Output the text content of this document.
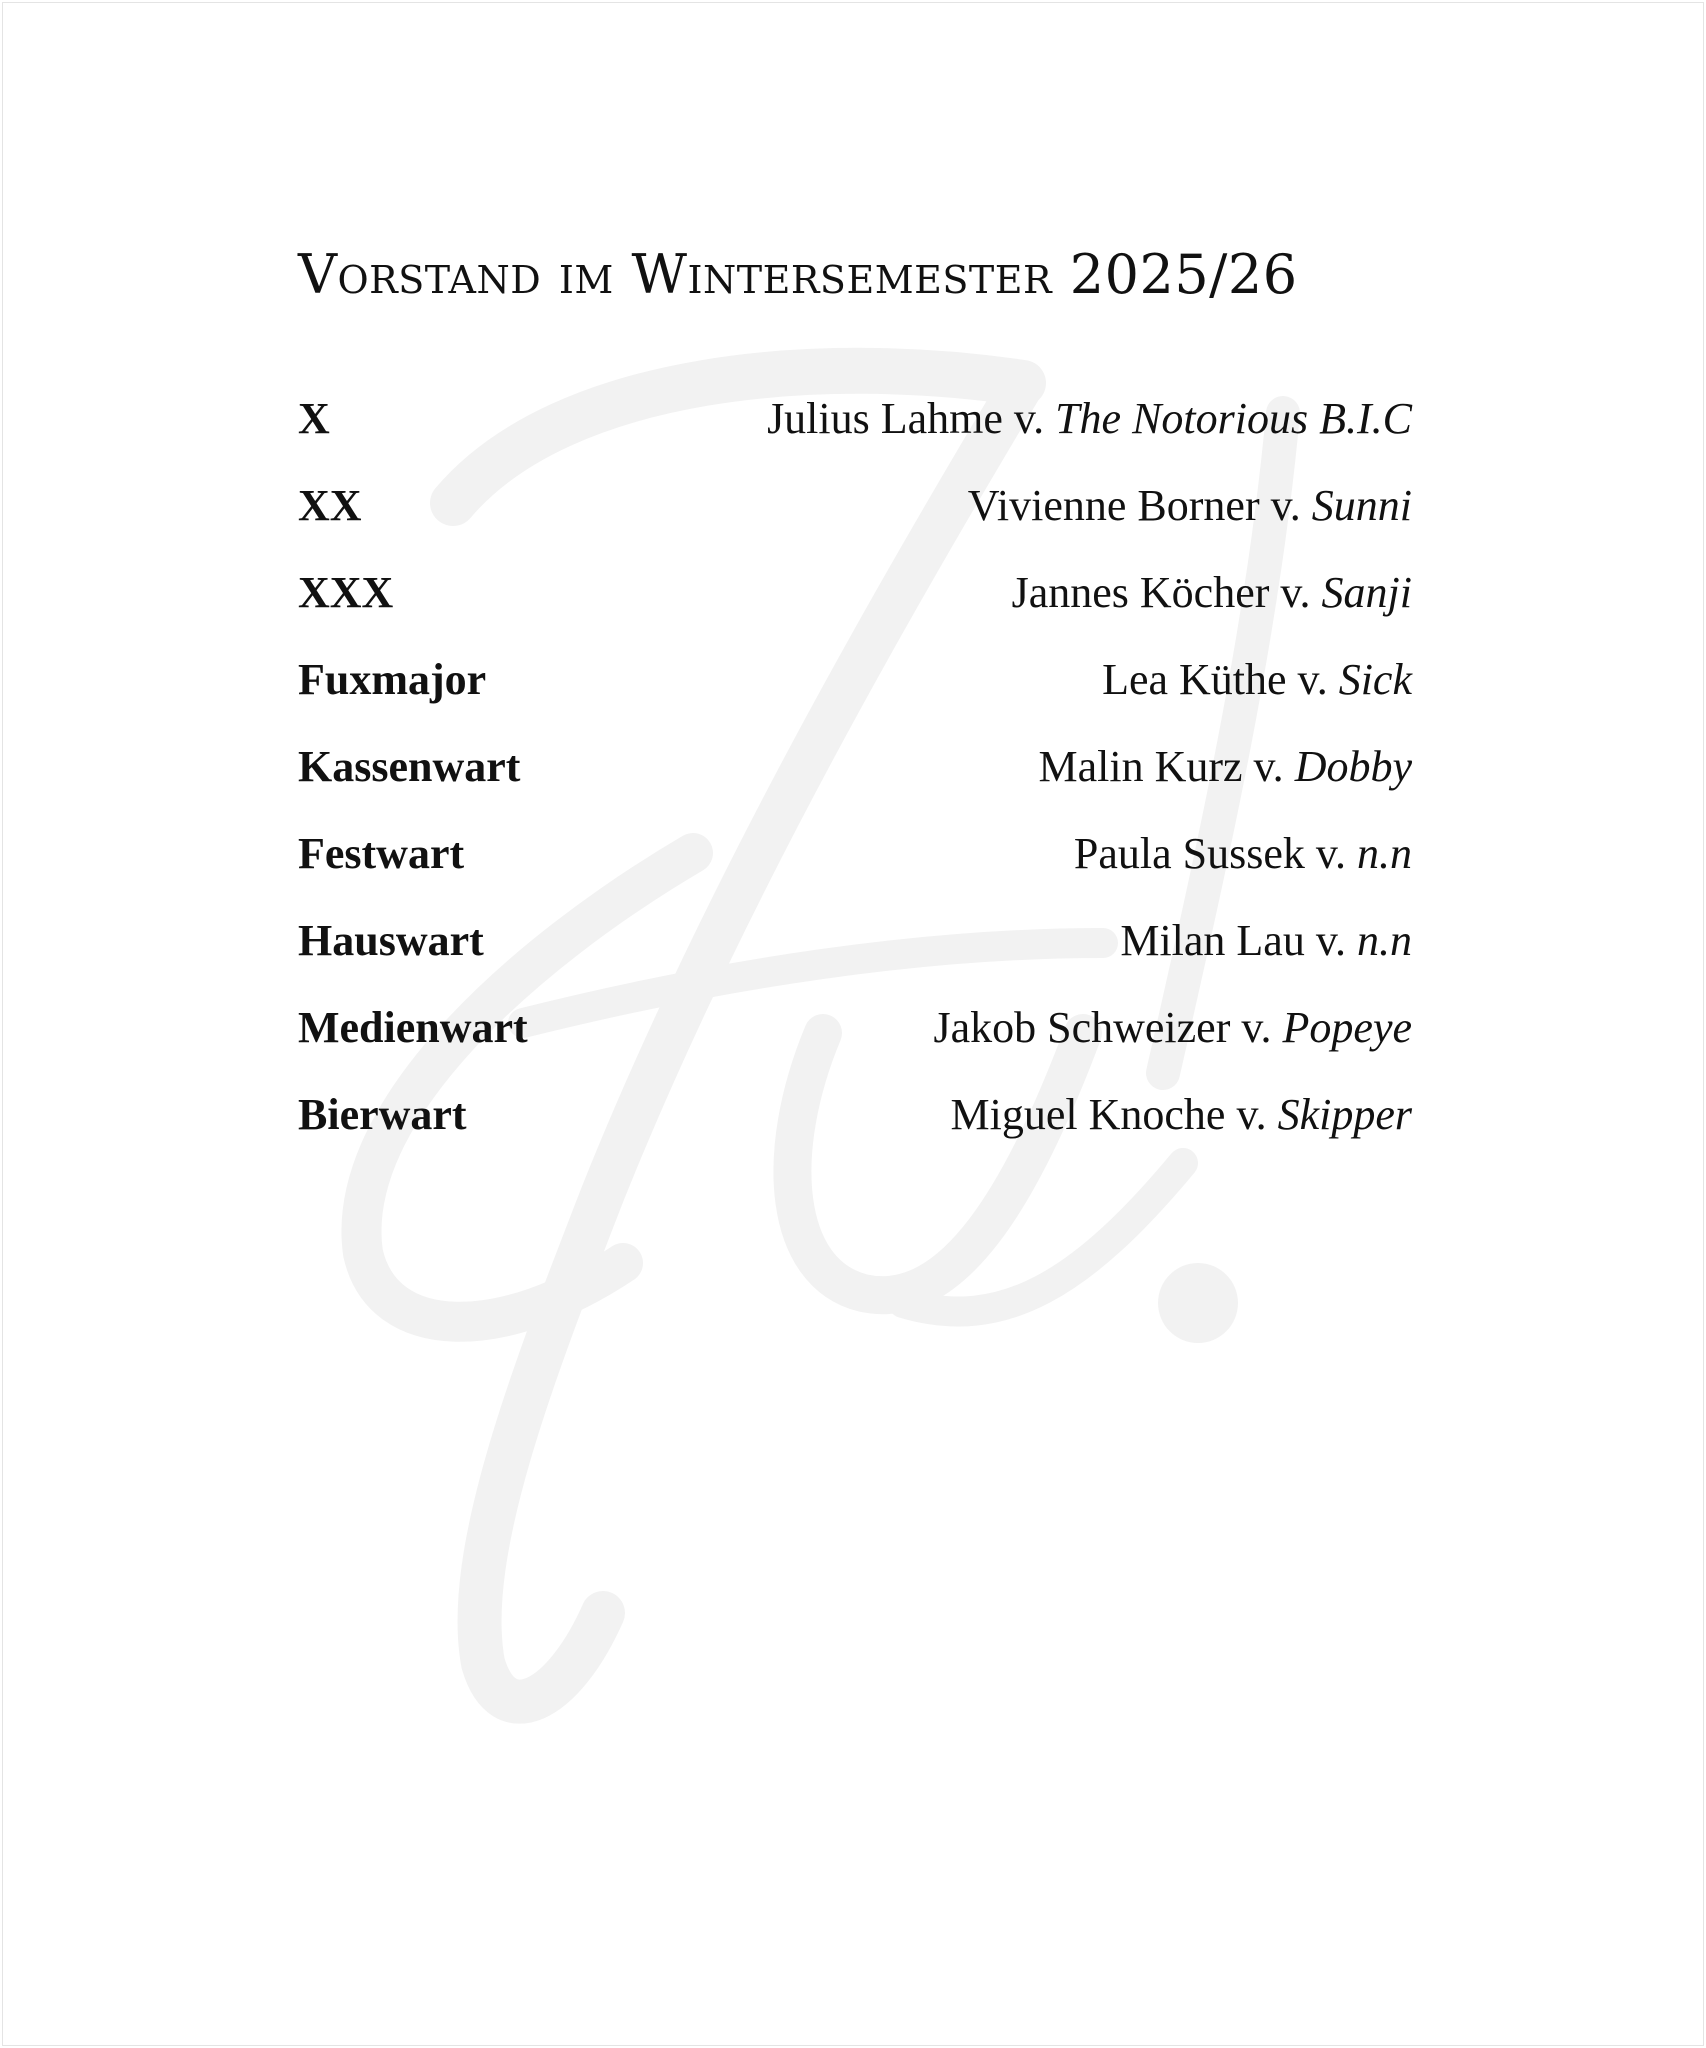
Vorstand im Wintersemester 2025/26
X	Julius Lahme v. The Notorious B.I.C
XX	Vivienne Borner v. Sunni
XXX	Jannes Köcher v. Sanji
Fuxmajor	Lea Küthe v. Sick
Kassenwart	Malin Kurz v. Dobby
Festwart	Paula Sussek v. n.n
Hauswart	Milan Lau v. n.n
Medienwart	Jakob Schweizer v. Popeye
Bierwart	Miguel Knoche v. Skipper
